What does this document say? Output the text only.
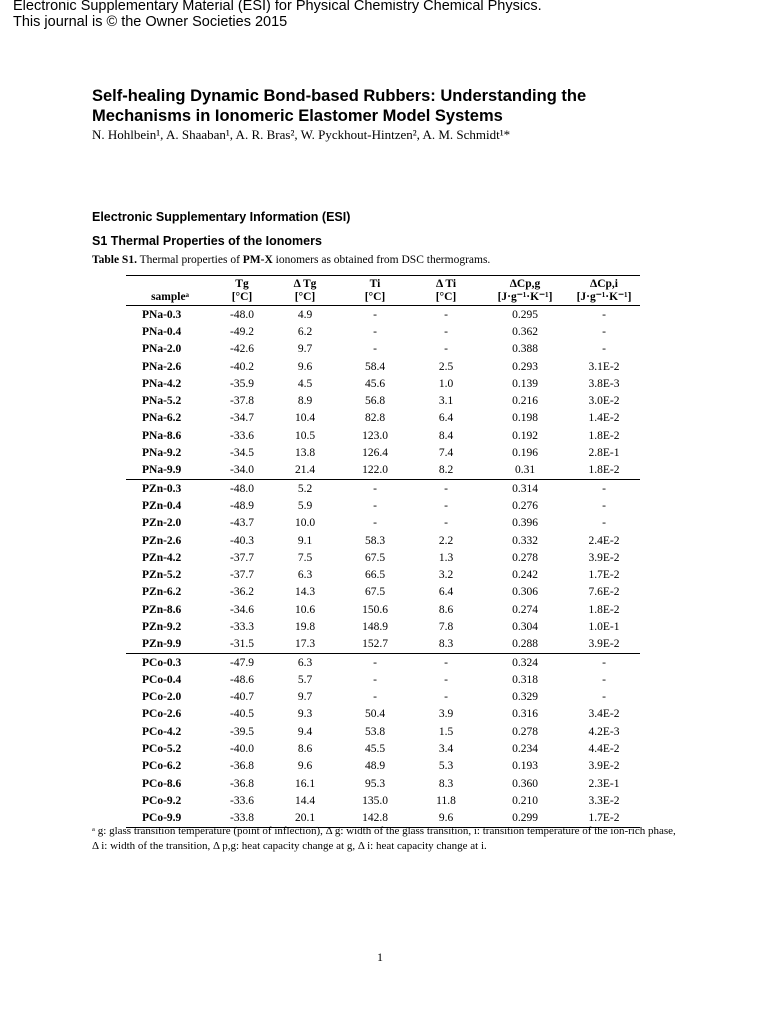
Electronic Supplementary Material (ESI) for Physical Chemistry Chemical Physics.
This journal is © the Owner Societies 2015
Self-healing Dynamic Bond-based Rubbers: Understanding the Mechanisms in Ionomeric Elastomer Model Systems
N. Hohlbein¹, A. Shaaban¹, A. R. Bras², W. Pyckhout-Hintzen², A. M. Schmidt¹*
Electronic Supplementary Information (ESI)
S1 Thermal Properties of the Ionomers
Table S1. Thermal properties of PM-X ionomers as obtained from DSC thermograms.
	Tg	Δ Tg	Ti	Δ Ti	ΔCp,g	ΔCp,i
sampleᵃ	[°C]	[°C]	[°C]	[°C]	[J·g⁻¹·K⁻¹]	[J·g⁻¹·K⁻¹]
PNa-0.3	-48.0	4.9	-	-	0.295	-
PNa-0.4	-49.2	6.2	-	-	0.362	-
PNa-2.0	-42.6	9.7	-	-	0.388	-
PNa-2.6	-40.2	9.6	58.4	2.5	0.293	3.1E-2
PNa-4.2	-35.9	4.5	45.6	1.0	0.139	3.8E-3
PNa-5.2	-37.8	8.9	56.8	3.1	0.216	3.0E-2
PNa-6.2	-34.7	10.4	82.8	6.4	0.198	1.4E-2
PNa-8.6	-33.6	10.5	123.0	8.4	0.192	1.8E-2
PNa-9.2	-34.5	13.8	126.4	7.4	0.196	2.8E-1
PNa-9.9	-34.0	21.4	122.0	8.2	0.31	1.8E-2
PZn-0.3	-48.0	5.2	-	-	0.314	-
PZn-0.4	-48.9	5.9	-	-	0.276	-
PZn-2.0	-43.7	10.0	-	-	0.396	-
PZn-2.6	-40.3	9.1	58.3	2.2	0.332	2.4E-2
PZn-4.2	-37.7	7.5	67.5	1.3	0.278	3.9E-2
PZn-5.2	-37.7	6.3	66.5	3.2	0.242	1.7E-2
PZn-6.2	-36.2	14.3	67.5	6.4	0.306	7.6E-2
PZn-8.6	-34.6	10.6	150.6	8.6	0.274	1.8E-2
PZn-9.2	-33.3	19.8	148.9	7.8	0.304	1.0E-1
PZn-9.9	-31.5	17.3	152.7	8.3	0.288	3.9E-2
PCo-0.3	-47.9	6.3	-	-	0.324	-
PCo-0.4	-48.6	5.7	-	-	0.318	-
PCo-2.0	-40.7	9.7	-	-	0.329	-
PCo-2.6	-40.5	9.3	50.4	3.9	0.316	3.4E-2
PCo-4.2	-39.5	9.4	53.8	1.5	0.278	4.2E-3
PCo-5.2	-40.0	8.6	45.5	3.4	0.234	4.4E-2
PCo-6.2	-36.8	9.6	48.9	5.3	0.193	3.9E-2
PCo-8.6	-36.8	16.1	95.3	8.3	0.360	2.3E-1
PCo-9.2	-33.6	14.4	135.0	11.8	0.210	3.3E-2
PCo-9.9	-33.8	20.1	142.8	9.6	0.299	1.7E-2
ᵃ g: glass transition temperature (point of inflection), Δ g: width of the glass transition, i: transition temperature of the ion-rich phase, Δ i: width of the transition, Δ p,g: heat capacity change at g, Δ i: heat capacity change at i.
1
